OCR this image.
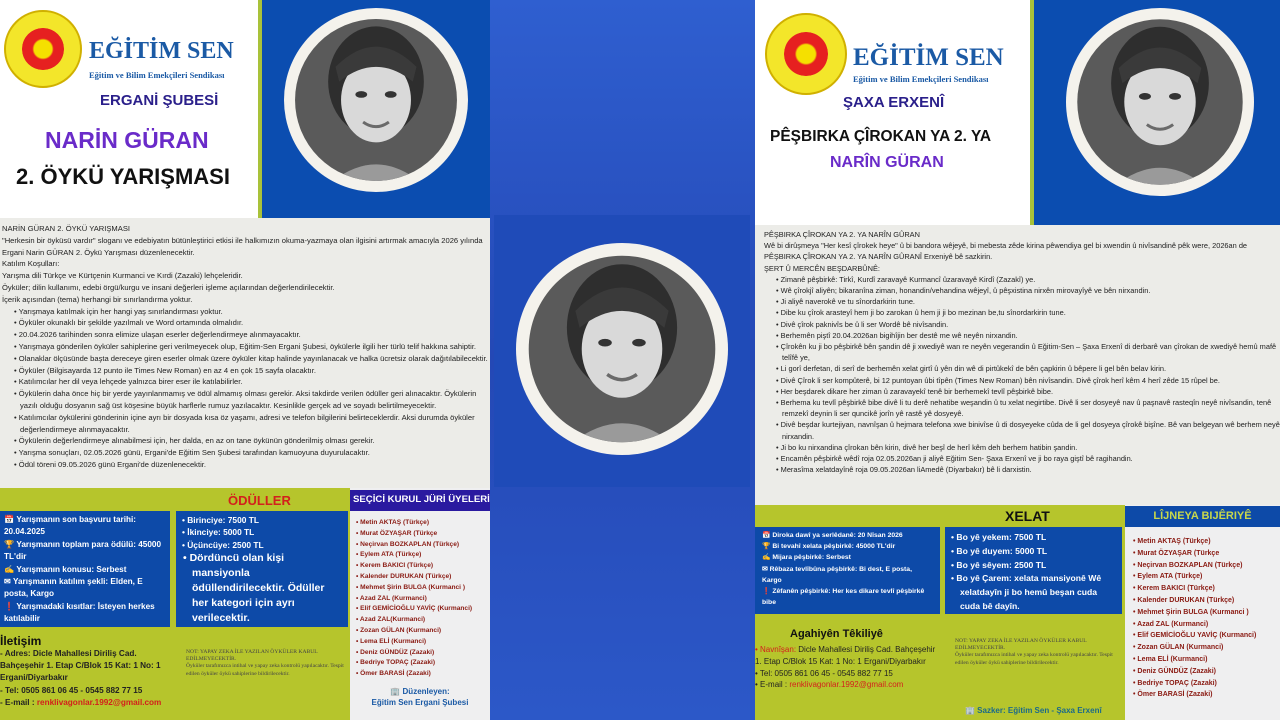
EĞİTİM SEN
Eğitim ve Bilim Emekçileri Sendikası
ERGANİ ŞUBESİ
NARİN GÜRAN
2. ÖYKÜ YARIŞMASI
NARİN GÜRAN 2. ÖYKÜ YARIŞMASI
"Herkesin bir öyküsü vardır" sloganı ve edebiyatın bütünleştirici etkisi ile halkımızın okuma-yazmaya olan ilgisini artırmak amacıyla 2026 yılında Ergani Narin GÜRAN 2. Öykü Yarışması düzenlenecektir.
Katılım Koşulları:
Yarışma dili Türkçe ve Kürtçenin Kurmanci ve Kırdi (Zazaki) lehçeleridir.
Öyküler; dilin kullanımı, edebi örgü/kurgu ve insani değerleri işleme açılarından değerlendirilecektir.
İçerik açısından (tema) herhangi bir sınırlandırma yoktur.
• Yarışmaya katılmak için her hangi yaş sınırlandırması yoktur.
• Öyküler okunaklı bir şekilde yazılmalı ve Word ortamında olmalıdır.
• 20.04.2026 tarihinden sonra elimize ulaşan eserler değerlendirmeye alınmayacaktır.
• Yarışmaya gönderilen öyküler sahiplerine geri verilmeyecek olup, Eğitim-Sen Ergani Şubesi, öykülerle ilgili her türlü telif hakkına sahiptir.
• Olanaklar ölçüsünde başta dereceye giren eserler olmak üzere öyküler kitap halinde yayınlanacak ve halka ücretsiz olarak dağıtılabilecektir.
• Öyküler (Bilgisayarda 12 punto ile Times New Roman) en az 4 en çok 15 sayfa olacaktır.
• Katılımcılar her dil veya lehçede yalnızca birer eser ile katılabilirler.
• Öykülerin daha önce hiç bir yerde yayınlanmamış ve ödül almamış olması gerekir. Aksi takdirde verilen ödüller geri alınacaktır. Öykülerin yazılı olduğu dosyanın sağ üst köşesine büyük harflerle rumuz yazılacaktır. Kesinlikle gerçek ad ve soyadı belirtilmeyecektir.
• Katılımcılar öykülerini gönderinin içine ayrı bir dosyada kısa öz yaşamı, adresi ve telefon bilgilerini belirteceklerdir. Aksi durumda öyküler değerlendirmeye alınmayacaktır.
• Öykülerin değerlendirmeye alınabilmesi için, her dalda, en az on tane öykünün gönderilmiş olması gerekir.
• Yarışma sonuçları, 02.05.2026 günü, Ergani'de Eğitim Sen Şubesi tarafından kamuoyuna duyurulacaktır.
• Ödül töreni 09.05.2026 günü Ergani'de düzenlenecektir.
ÖDÜLLER
📅 Yarışmanın son başvuru tarihi: 20.04.2025
🏆 Yarışmanın toplam para ödülü: 45000 TL'dir
✍ Yarışmanın konusu: Serbest
✉ Yarışmanın katılım şekli: Elden, E posta, Kargo
❗ Yarışmadaki kısıtlar: İsteyen herkes katılabilir
• Birinciye: 7500 TL
• İkinciye: 5000 TL
• Üçüncüye: 2500 TL
• Dördüncü olan kişi mansiyonla ödüllendirilecektir. Ödüller her kategori için ayrı verilecektir.
İletişim
- Adres: Dicle Mahallesi Diriliş Cad. Bahçeşehir 1. Etap C/Blok 15 Kat: 1 No: 1 Ergani/Diyarbakır
- Tel: 0505 861 06 45 - 0545 882 77 15
- E-mail : renklivagonlar.1992@gmail.com
NOT: YAPAY ZEKA İLE YAZILAN ÖYKÜLER KABUL EDİLMEYECEKTİR.
Öyküler tarafımızca intihal ve yapay zeka kontrolü yapılacaktır. Tespit edilen öyküler öykü sahiplerine bildirilecektir.
SEÇİCİ KURUL JÜRİ ÜYELERİ
• Metin AKTAŞ (Türkçe)
• Murat ÖZYAŞAR (Türkçe
• Neçirvan BOZKAPLAN (Türkçe)
• Eylem ATA (Türkçe)
• Kerem BAKICI (Türkçe)
• Kalender DURUKAN (Türkçe)
• Mehmet Şirin BULGA (Kurmanci )
• Azad ZAL (Kurmanci)
• Elif GEMİCİOĞLU YAVİÇ (Kurmanci)
• Azad ZAL(Kurmanci)
• Zozan GÜLAN (Kurmanci)
• Lema ELİ (Kurmanci)
• Deniz GÜNDÜZ (Zazaki)
• Bedriye TOPAÇ (Zazaki)
• Ömer BARASİ (Zazaki)
🏢 Düzenleyen:
Eğitim Sen Ergani Şubesi
EĞİTİM SEN
Eğitim ve Bilim Emekçileri Sendikası
ŞAXA ERXENÎ
PÊŞBIRKA ÇÎROKAN YA 2. YA
NARÎN GÜRAN
PÊŞBIRKA ÇÎROKAN YA 2. YA NARÎN GÛRAN
Wê bi dirûşmeya "Her kesî çîrokek heye" û bi bandora wêjeyê, bi mebesta zêde kirina pêwendiya gel bi xwendin û nivîsandinê pêk were, 2026an de PÊŞBIRKA ÇÎROKAN YA 2. YA NARÎN GÛRANÎ Erxeniyê bê sazkirin.
ŞERT Û MERCÊN BEŞDARBÛNÊ:
• Zimanê pêşbirkê: Tirkî, Kurdî zaravayê Kurmancî ûzaravayê Kirdî (Zazakî) ye.
• Wê çîrokjî aliyên; bikaranîna ziman, honandin/vehandina wêjeyî, û pêşxistina nirxên mirovayîyê ve bên nirxandin.
• Ji aliyê naverokê ve tu sînordarkirin tune.
• Dibe ku çîrok arasteyî hem ji bo zarokan û hem ji ji bo mezinan be,tu sînordarkirin tune.
• Divê çîrok paknivîs be û li ser Wordê bê nivîsandin.
• Berhemên piştî 20.04.2026an bigihîjin ber destê me wê neyên nirxandin.
• Çîrokên ku ji bo pêşbirkê bên şandin dê ji xwediyê wan re neyên vegerandin û Eğitim-Sen – Şaxa Erxenî di derbarê van çîrokan de xwediyê hemû mafê telîfê ye,
• Li gorî derfetan, di serî de berhemên xelat girtî û yên din wê di pirtûkekî de bên çapkirin û bêpere li gel bên belav kirin.
• Divê Çîrok li ser kompûterê, bi 12 puntoyan ûbi tîpên (Times New Roman) bên nivîsandin. Divê çîrok herî kêm 4 herî zêde 15 rûpel be.
• Her beşdarek dikare her ziman û zaravayekî tenê bir berhemekî tevlî pêşbirkê bibe.
• Berhema ku tevlî pêşbirkê bibe divê li tu derê nehatibe weşandin û tu xelat negirtibe. Divê li ser dosyeyê nav û paşnavê rasteqîn neyê nivîsandin, tenê remzekî deynin li ser quncikê jorîn yê rastê yê dosyeyê.
• Divê beşdar kurtejiyan, navnîşan û hejmara telefona xwe binivîse û di dosyeyeke cûda de li gel dosyeya çîrokê bişîne. Bê van belgeyan wê berhem neyê nirxandin.
• Ji bo ku nirxandina çîrokan bên kirin, divê her beşî de herî kêm deh berhem hatibin şandin.
• Encamên pêşbirkê wêdî roja 02.05.2026an ji aliyê Eğitim Sen- Şaxa Erxenî ve ji bo raya giştî bê ragihandin.
• Merasîma xelatdayînê roja 09.05.2026an liAmedê (Diyarbakır) bê li darxistin.
XELAT
📅 Diroka dawî ya serlêdanê: 20 Nîsan 2026
🏆 Bi tevahî xelata pêşbirkê: 45000 TL'dir
✍ Mijara pêşbirkê: Serbest
✉ Rêbaza tevlîbûna pêşbirkê: Bi dest, E posta, Kargo
❗ Zêfanên pêşbirkê: Her kes dikare tevlî pêşbirkê bibe
• Bo yê yekem: 7500 TL
• Bo yê duyem: 5000 TL
• Bo yê sêyem: 2500 TL
• Bo yê Çarem: xelata mansiyonê Wê xelatdayîn ji bo hemû beşan cuda cuda bê dayîn.
Agahiyên Têkiliyê
• Navnîşan: Dicle Mahallesi Diriliş Cad. Bahçeşehir 1. Etap C/Blok 15 Kat: 1 No: 1 Ergani/Diyarbakır
• Tel: 0505 861 06 45 - 0545 882 77 15
• E-mail : renklivagonlar.1992@gmail.com
NOT: YAPAY ZEKA İLE YAZILAN ÖYKÜLER KABUL EDİLMEYECEKTİR.
Öyküler tarafımızca intihal ve yapay zeka kontrolü yapılacaktır. Tespit edilen öyküler öykü sahiplerine bildirilecektir.
🏢 Sazker: Eğitim Sen - Şaxa Erxenî
LÎJNEYA BIJÊRIYÊ
• Metin AKTAŞ (Türkçe)
• Murat ÖZYAŞAR (Türkçe
• Neçirvan BOZKAPLAN (Türkçe)
• Eylem ATA (Türkçe)
• Kerem BAKICI (Türkçe)
• Kalender DURUKAN (Türkçe)
• Mehmet Şirin BULGA (Kurmanci )
• Azad ZAL (Kurmanci)
• Elif GEMİCİOĞLU YAVİÇ (Kurmanci)
• Zozan GÜLAN (Kurmanci)
• Lema ELİ (Kurmanci)
• Deniz GÜNDÜZ (Zazaki)
• Bedriye TOPAÇ (Zazaki)
• Ömer BARASİ (Zazaki)
